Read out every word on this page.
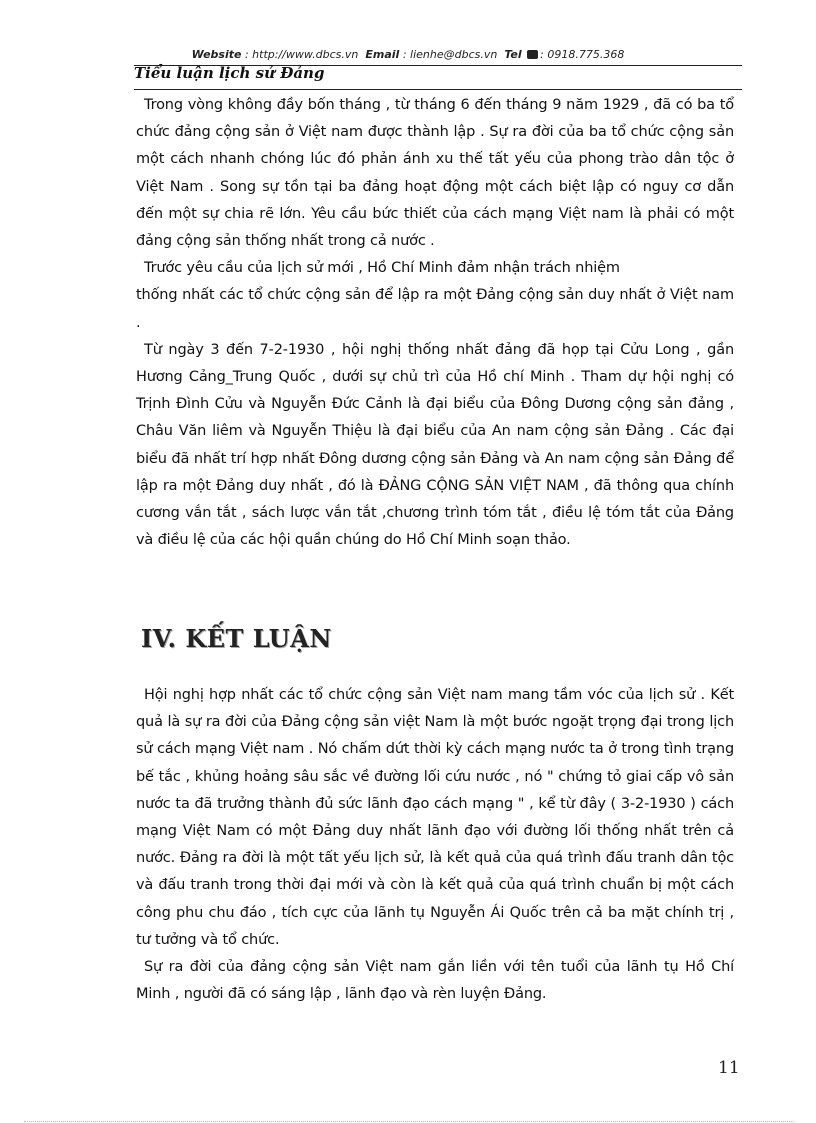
Website : http://www.dbcs.vn Email : lienhe@dbcs.vn Tel : 0918.775.368
Tiểu luận lịch sử Đảng

Trong vòng không đầy bốn tháng , từ tháng 6 đến tháng 9 năm 1929 , đã có ba tổ chức đảng cộng sản ở Việt nam được thành lập . Sự ra đời của ba tổ chức cộng sản một cách nhanh chóng lúc đó phản ánh xu thế tất yếu của phong trào dân tộc ở Việt Nam . Song sự tồn tại ba đảng hoạt động một cách biệt lập có nguy cơ dẫn đến một sự chia rẽ lớn. Yêu cầu bức thiết của cách mạng Việt nam là phải có một đảng cộng sản thống nhất trong cả nước .

Trước yêu cầu của lịch sử mới , Hồ Chí Minh đảm nhận trách nhiệm

thống nhất các tổ chức cộng sản để lập ra một Đảng cộng sản duy nhất ở Việt nam .

Từ ngày 3 đến 7-2-1930 , hội nghị thống nhất đảng đã họp tại Cửu Long , gần Hương Cảng_Trung Quốc , dưới sự chủ trì của Hồ chí Minh . Tham dự hội nghị có Trịnh Đình Cửu và Nguyễn Đức Cảnh là đại biểu của Đông Dương cộng sản đảng , Châu Văn liêm và Nguyễn Thiệu là đại biểu của An nam cộng sản Đảng . Các đại biểu đã nhất trí hợp nhất Đông dương cộng sản Đảng và An nam cộng sản Đảng để lập ra một Đảng duy nhất , đó là ĐẢNG CỘNG SẢN VIỆT NAM , đã thông qua chính cương vắn tắt , sách lược vắn tắt ,chương trình tóm tắt , điều lệ tóm tắt của Đảng và điều lệ của các hội quần chúng do Hồ Chí Minh soạn thảo.

IV. KẾT LUẬN

Hội nghị hợp nhất các tổ chức cộng sản Việt nam mang tầm vóc của lịch sử . Kết quả là sự ra đời của Đảng cộng sản việt Nam là một bước ngoặt trọng đại trong lịch sử cách mạng Việt nam . Nó chấm dứt thời kỳ cách mạng nước ta ở trong tình trạng bế tắc , khủng hoảng sâu sắc về đường lối cứu nước , nó " chứng tỏ giai cấp vô sản nước ta đã trưởng thành đủ sức lãnh đạo cách mạng " , kể từ đây ( 3-2-1930 ) cách mạng Việt Nam có một Đảng duy nhất lãnh đạo với đường lối thống nhất trên cả nước. Đảng ra đời là một tất yếu lịch sử, là kết quả của quá trình đấu tranh dân tộc và đấu tranh trong thời đại mới và còn là kết quả của quá trình chuẩn bị một cách công phu chu đáo , tích cực của lãnh tụ Nguyễn Ái Quốc trên cả ba mặt chính trị , tư tưởng và tổ chức.

Sự ra đời của đảng cộng sản Việt nam gắn liền với tên tuổi của lãnh tụ Hồ Chí Minh , người đã có sáng lập , lãnh đạo và rèn luyện Đảng.

11
